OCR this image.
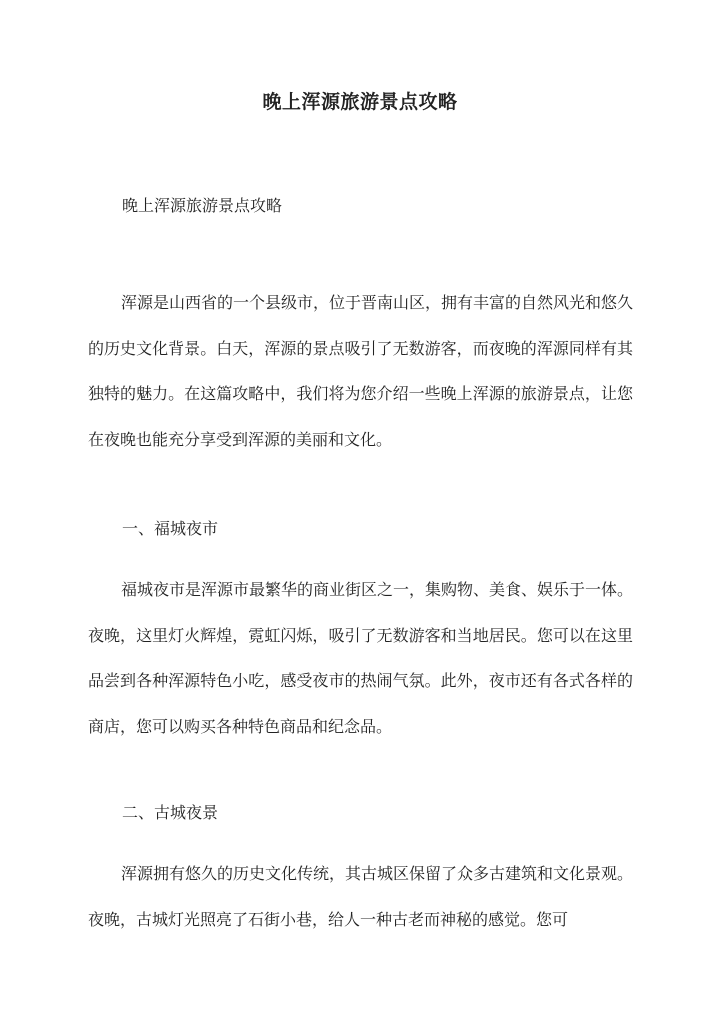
晚上浑源旅游景点攻略
晚上浑源旅游景点攻略

浑源是山西省的一个县级市，位于晋南山区，拥有丰富的自然风光和悠久的历史文化背景。白天，浑源的景点吸引了无数游客，而夜晚的浑源同样有其独特的魅力。在这篇攻略中，我们将为您介绍一些晚上浑源的旅游景点，让您在夜晚也能充分享受到浑源的美丽和文化。

一、福城夜市

福城夜市是浑源市最繁华的商业街区之一，集购物、美食、娱乐于一体。夜晚，这里灯火辉煌，霓虹闪烁，吸引了无数游客和当地居民。您可以在这里品尝到各种浑源特色小吃，感受夜市的热闹气氛。此外，夜市还有各式各样的商店，您可以购买各种特色商品和纪念品。

二、古城夜景

浑源拥有悠久的历史文化传统，其古城区保留了众多古建筑和文化景观。夜晚，古城灯光照亮了石街小巷，给人一种古老而神秘的感觉。您可
